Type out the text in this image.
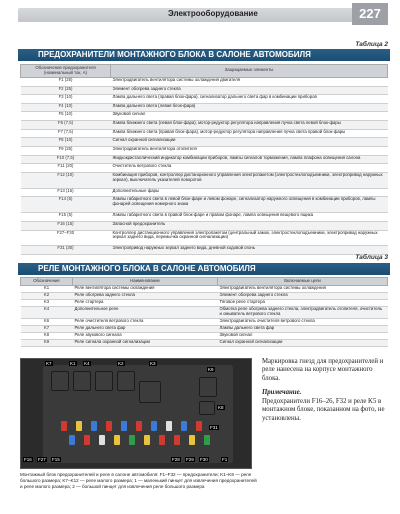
Электрооборудование	227
Таблица 2
ПРЕДОХРАНИТЕЛИ МОНТАЖНОГО БЛОКА В САЛОНЕ АВТОМОБИЛЯ
Обозначение предохранителя (номинальный ток, А)	Защищаемые элементы
F1 (25)	Электродвигатель вентилятора системы охлаждения двигателя
F2 (25)	Элемент обогрева заднего стекла
F3 (10)	Лампа дальнего света (правая блок-фара), сигнализатор дальнего света фар в комбинации приборов
F4 (10)	Лампа дальнего света (левая блок-фара)
F5 (10)	Звуковой сигнал
F6 (7,5)	Лампа ближнего света (левая блок-фара), мотор-редуктор регулятора направления пучка света левой блок-фары
F7 (7,5)	Лампа ближнего света (правая блок-фара), мотор-редуктор регулятора направления пучка света правой блок-фары
F8 (10)	Сигнал охранной сигнализации
F9 (25)	Электродвигатель вентилятора отопителя
F10 (7,5)	Жидкокристаллический индикатор комбинации приборов, лампы сигналов торможения, лампа плафона освещения салона
F11 (20)	Очиститель ветрового стекла
F12 (10)	Комбинация приборов, контроллер дистанционного управления электропакетом (электростеклоподъемники, электропривод наружных зеркал), выключатель указателей поворотов
F13 (15)	Дополнительные фары
F14 (5)	Лампы габаритного света в левой блок-фаре и левом фонаре, сигнализатор наружного освещения в комбинации приборов, лампы фонарей освещения номерного знака
F15 (5)	Лампы габаритного света в правой блок-фаре и правом фонаре, лампа освещения вещевого ящика
F16 (15)	Запасной предохранитель
F27–F30	Контроллер дистанционного управления электропакетом (центральный замок, электростеклоподъемники, электропривод наружных зеркал заднего вида, перемычка охранной сигнализации)
F31 (30)	Электропривод наружных зеркал заднего вида, дневной ходовой огонь
Таблица 3
РЕЛЕ МОНТАЖНОГО БЛОКА В САЛОНЕ АВТОМОБИЛЯ
Обозначение	Наименование	Включаемые цепи
K1	Реле вентилятора системы охлаждения	Электродвигатель вентилятора системы охлаждения
K2	Реле обогрева заднего стекла	Элемент обогрева заднего стекла
K3	Реле стартера	Тяговое реле стартера
K4	Дополнительное реле	Обмотка реле обогрева заднего стекла, электродвигатель отопителя, очиститель и омыватель ветрового стекла
K6	Реле очистителя ветрового стекла	Электродвигатель очистителя ветрового стекла
K7	Реле дальнего света фар	Лампы дальнего света фар
K8	Реле звукового сигнала	Звуковой сигнал
K9	Реле сигнала охранной сигнализации	Сигнал охранной сигнализации
K7	K1 K4	K2	K3
K9
K8
F31
F16 F27 F15	F28 F29 F30	F1
Монтажный блок предохранителей и реле в салоне автомобиля: F1–F32 — предохранители; K1–K8 — реле большого размера; K7–K12 — реле малого размера; 1 — маленький пинцет для извлечения предохранителей и реле малого размера; 2 — большой пинцет для извлечения реле большого размера

Маркировка гнезд для предохранителей и реле нанесена на корпусе монтажного блока.

Примечание.

Предохранители F16–26, F32 и реле K5 в монтажном блоке, показанном на фото, не установлены.
